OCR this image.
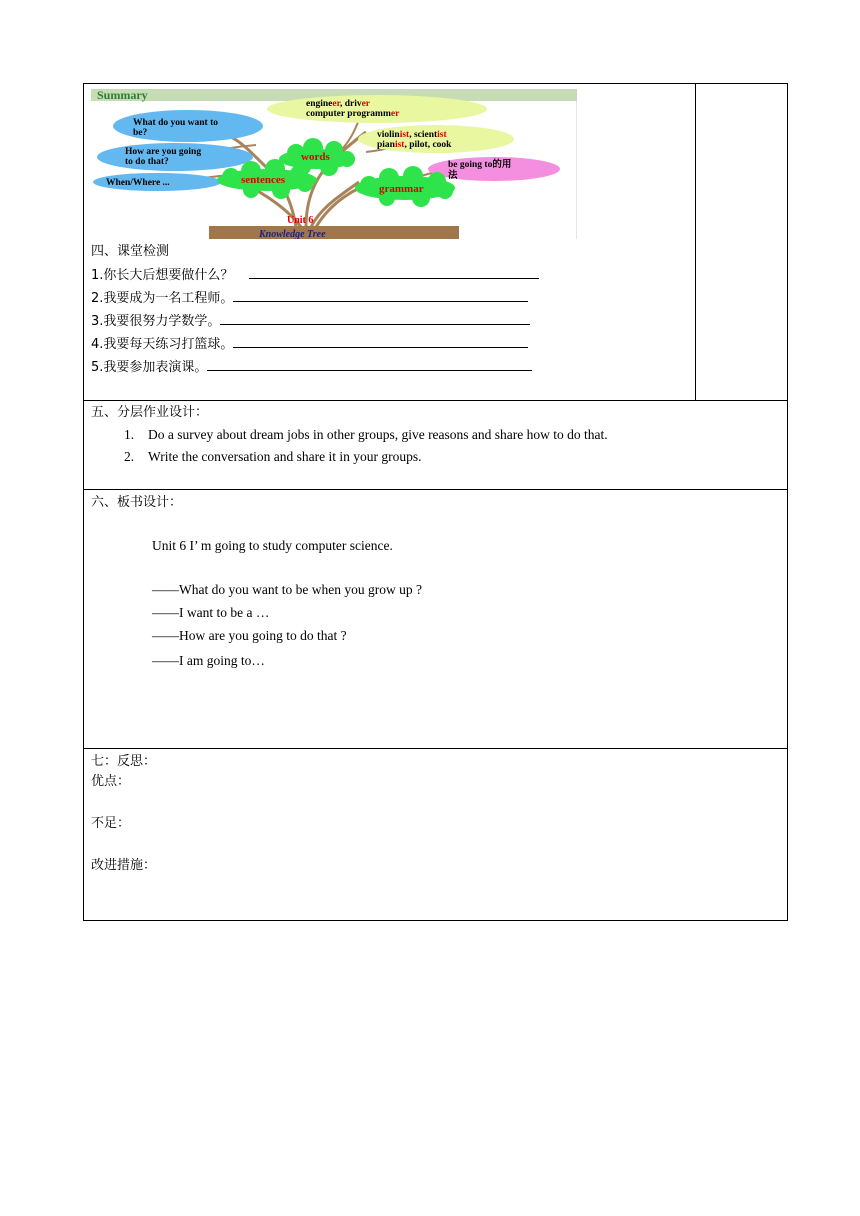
Summary
Knowledge Tree
Unit 6
What do you want to
be?
How are you going
to do that?
When/Where ...
engineer, driver
computer programmer
violinist, scientist
pianist, pilot, cook
be going to的用
法
words
sentences
grammar
四、课堂检测
1.你长大后想要做什么？
2.我要成为一名工程师。
3.我要很努力学数学。
4.我要每天练习打篮球。
5.我要参加表演课。

五、分层作业设计：
1. Do a survey about dream jobs in other groups, give reasons and share how to do that.
2. Write the conversation and share it in your groups.

六、板书设计：
Unit 6 I’ m going to study computer science.
——What do you want to be when you grow up ?
——I want to be a …
——How are you going to do that ?
——I am going to…

七：反思：
优点：
不足：
改进措施：
